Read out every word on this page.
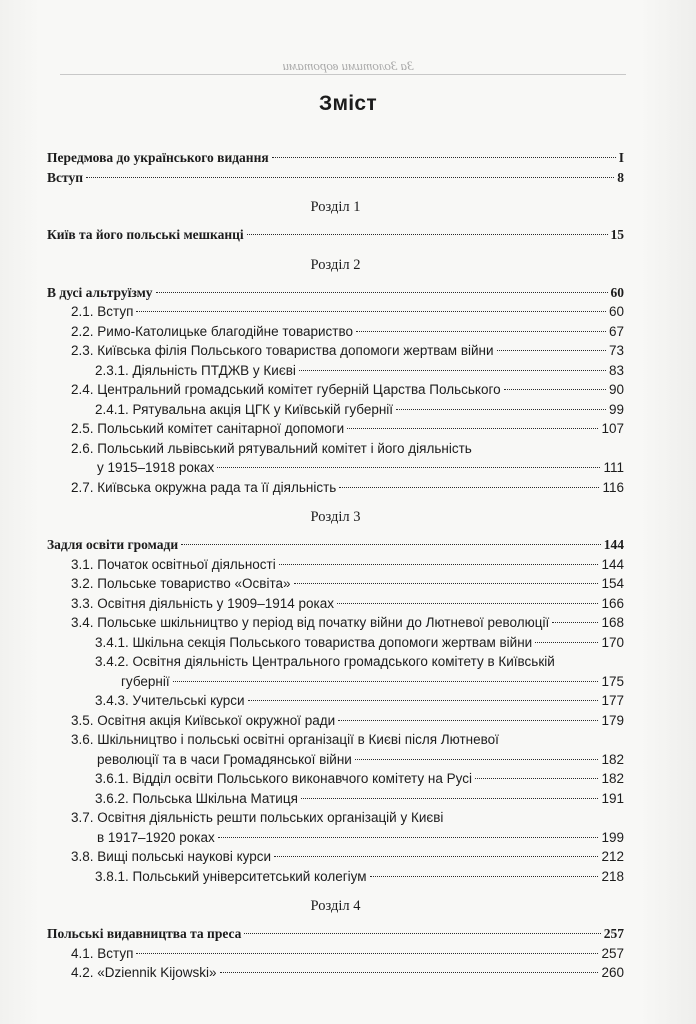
За Золотими воротами
Зміст
Передмова до українського видання	I
Вступ	8
Розділ 1
Київ та його польські мешканці	15
Розділ 2
В дусі альтруїзму	60
2.1. Вступ	60
2.2. Римо-Католицьке благодійне товариство	67
2.3. Київська філія Польського товариства допомоги жертвам війни	73
2.3.1. Діяльність ПТДЖВ у Києві	83
2.4. Центральний громадський комітет губерній Царства Польського	90
2.4.1. Рятувальна акція ЦГК у Київській губернії	99
2.5. Польський комітет санітарної допомоги	107
2.6. Польський львівський рятувальний комітет і його діяльність
у 1915–1918 роках	111
2.7. Київська окружна рада та її діяльність	116
Розділ 3
Задля освіти громади	144
3.1. Початок освітньої діяльності	144
3.2. Польське товариство «Освіта»	154
3.3. Освітня діяльність у 1909–1914 роках	166
3.4. Польське шкільництво у період від початку війни до Лютневої революції	168
3.4.1. Шкільна секція Польського товариства допомоги жертвам війни	170
3.4.2. Освітня діяльність Центрального громадського комітету в Київській
губернії	175
3.4.3. Учительські курси	177
3.5. Освітня акція Київської окружної ради	179
3.6. Шкільництво і польські освітні організації в Києві після Лютневої
революції та в часи Громадянської війни	182
3.6.1. Відділ освіти Польського виконавчого комітету на Русі	182
3.6.2. Польська Шкільна Матиця	191
3.7. Освітня діяльність решти польських організацій у Києві
в 1917–1920 роках	199
3.8. Вищі польські наукові курси	212
3.8.1. Польський університетський колегіум	218
Розділ 4
Польські видавництва та преса	257
4.1. Вступ	257
4.2. «Dziennik Kijowski»	260
